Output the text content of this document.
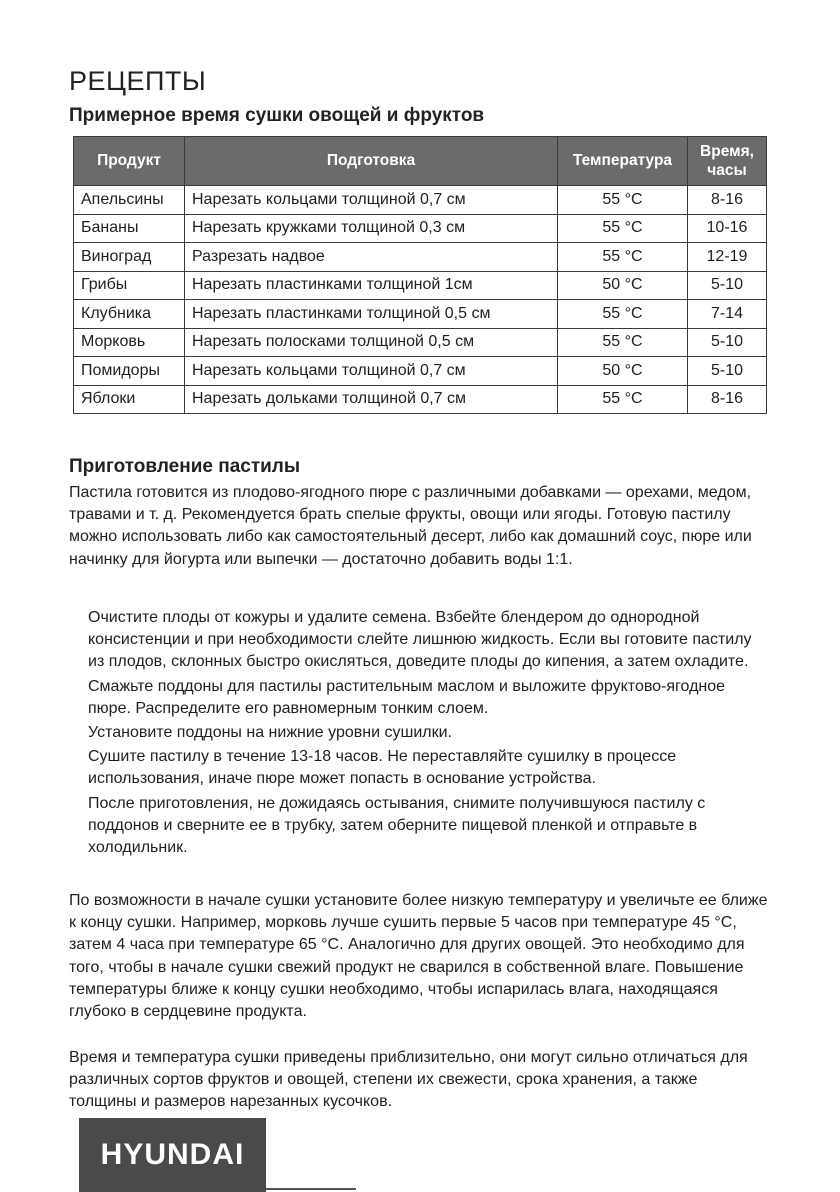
РЕЦЕПТЫ
Примерное время сушки овощей и фруктов
Продукт	Подготовка	Температура	Время,
часы
Апельсины	Нарезать кольцами толщиной 0,7 см	55 °C	8-16
Бананы	Нарезать кружками толщиной 0,3 см	55 °C	10-16
Виноград	Разрезать надвое	55 °C	12-19
Грибы	Нарезать пластинками толщиной 1см	50 °C	5-10
Клубника	Нарезать пластинками толщиной 0,5 см	55 °C	7-14
Морковь	Нарезать полосками толщиной 0,5 см	55 °C	5-10
Помидоры	Нарезать кольцами толщиной 0,7 см	50 °C	5-10
Яблоки	Нарезать дольками толщиной 0,7 см	55 °C	8-16
Приготовление пастилы

Пастила готовится из плодово-ягодного пюре с различными добавками — орехами, медом, травами и т. д. Рекомендуется брать спелые фрукты, овощи или ягоды. Готовую пастилу можно использовать либо как самостоятельный десерт, либо как домашний соус, пюре или начинку для йогурта или выпечки — достаточно добавить воды 1:1.

Очистите плоды от кожуры и удалите семена. Взбейте блендером до однородной консистенции и при необходимости слейте лишнюю жидкость. Если вы готовите пастилу из плодов, склонных быстро окисляться, доведите плоды до кипения, а затем охладите.
Смажьте поддоны для пастилы растительным маслом и выложите фруктово-ягодное пюре. Распределите его равномерным тонким слоем.
Установите поддоны на нижние уровни сушилки.
Сушите пастилу в течение 13-18 часов. Не переставляйте сушилку в процессе использования, иначе пюре может попасть в основание устройства.
После приготовления, не дожидаясь остывания, снимите получившуюся пастилу с поддонов и сверните ее в трубку, затем оберните пищевой пленкой и отправьте в холодильник.

По возможности в начале сушки установите более низкую температуру и увеличьте ее ближе к концу сушки. Например, морковь лучше сушить первые 5 часов при температуре 45 °C, затем 4 часа при температуре 65 °C. Аналогично для других овощей. Это необходимо для того, чтобы в начале сушки свежий продукт не сварился в собственной влаге. Повышение температуры ближе к концу сушки необходимо, чтобы испарилась влага, находящаяся глубоко в сердцевине продукта.

Время и температура сушки приведены приблизительно, они могут сильно отличаться для различных сортов фруктов и овощей, степени их свежести, срока хранения, а также толщины и размеров нарезанных кусочков.

HYUNDAI
